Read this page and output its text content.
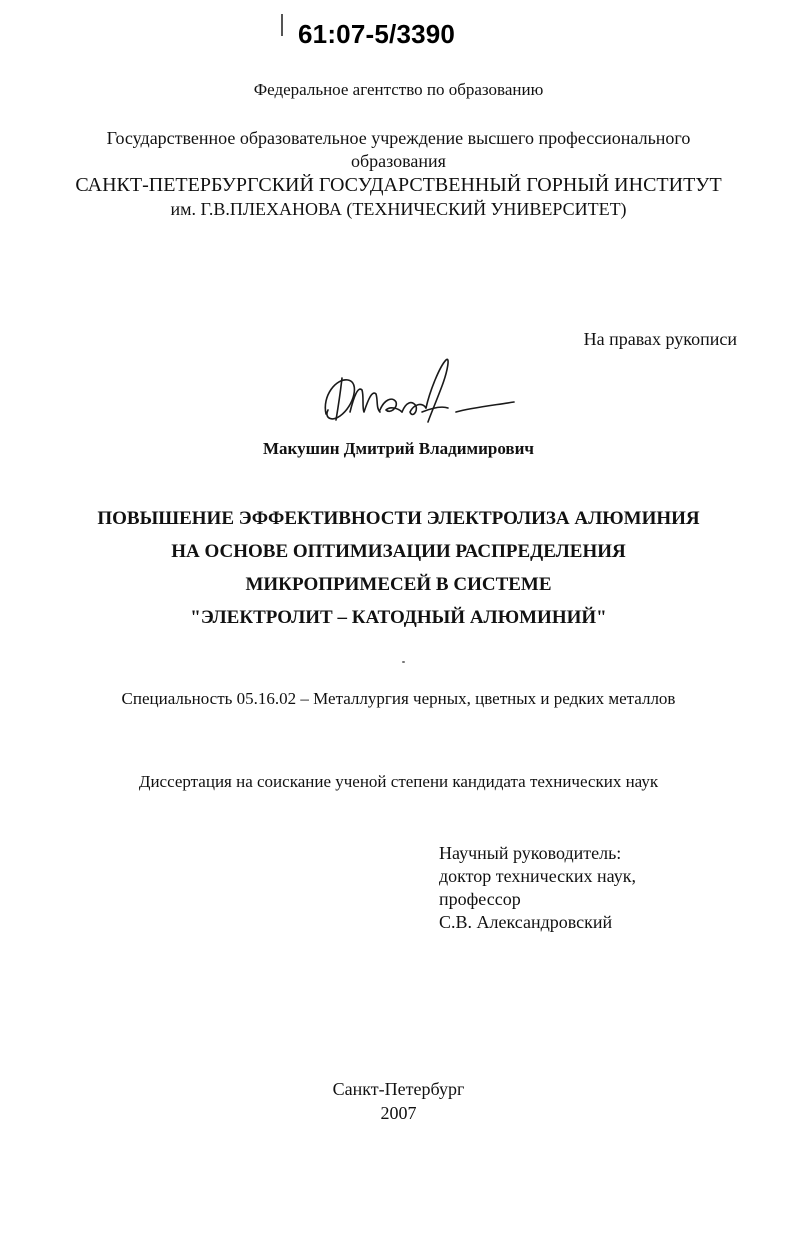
61:07-5/3390
Федеральное агентство по образованию
Государственное образовательное учреждение высшего профессионального
образования
САНКТ-ПЕТЕРБУРГСКИЙ ГОСУДАРСТВЕННЫЙ ГОРНЫЙ ИНСТИТУТ
им. Г.В.ПЛЕХАНОВА (ТЕХНИЧЕСКИЙ УНИВЕРСИТЕТ)
На правах рукописи
Макушин Дмитрий Владимирович
ПОВЫШЕНИЕ ЭФФЕКТИВНОСТИ ЭЛЕКТРОЛИЗА АЛЮМИНИЯ
НА ОСНОВЕ ОПТИМИЗАЦИИ РАСПРЕДЕЛЕНИЯ
МИКРОПРИМЕСЕЙ В СИСТЕМЕ
"ЭЛЕКТРОЛИТ – КАТОДНЫЙ АЛЮМИНИЙ"
Специальность 05.16.02 – Металлургия черных, цветных и редких металлов
Диссертация на соискание ученой степени кандидата технических наук
Научный руководитель:
доктор технических наук,
профессор
С.В. Александровский
Санкт-Петербург
2007
